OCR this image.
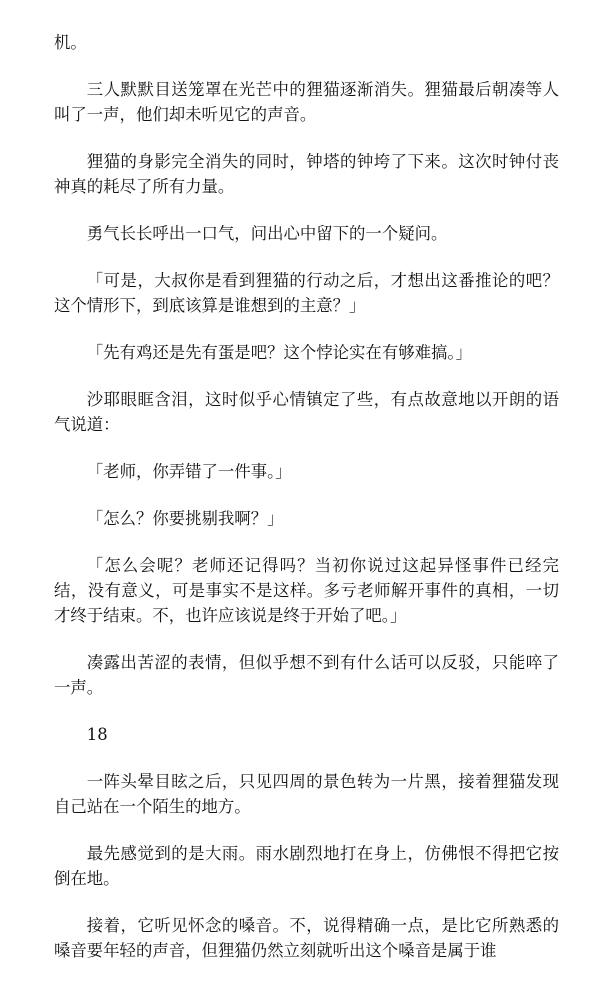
机。

三人默默目送笼罩在光芒中的狸猫逐渐消失。狸猫最后朝凑等人叫了一声，他们却未听见它的声音。

狸猫的身影完全消失的同时，钟塔的钟垮了下来。这次时钟付丧神真的耗尽了所有力量。

勇气长长呼出一口气，问出心中留下的一个疑问。

「可是，大叔你是看到狸猫的行动之后，才想出这番推论的吧？这个情形下，到底该算是谁想到的主意？」

「先有鸡还是先有蛋是吧？这个悖论实在有够难搞。」

沙耶眼眶含泪，这时似乎心情镇定了些，有点故意地以开朗的语气说道：

「老师，你弄错了一件事。」

「怎么？你要挑剔我啊？」

「怎么会呢？老师还记得吗？当初你说过这起异怪事件已经完结，没有意义，可是事实不是这样。多亏老师解开事件的真相，一切才终于结束。不，也许应该说是终于开始了吧。」

凑露出苦涩的表情，但似乎想不到有什么话可以反驳，只能啐了一声。

18

一阵头晕目眩之后，只见四周的景色转为一片黑，接着狸猫发现自己站在一个陌生的地方。

最先感觉到的是大雨。雨水剧烈地打在身上，仿佛恨不得把它按倒在地。

接着，它听见怀念的嗓音。不，说得精确一点，是比它所熟悉的嗓音要年轻的声音，但狸猫仍然立刻就听出这个嗓音是属于谁
